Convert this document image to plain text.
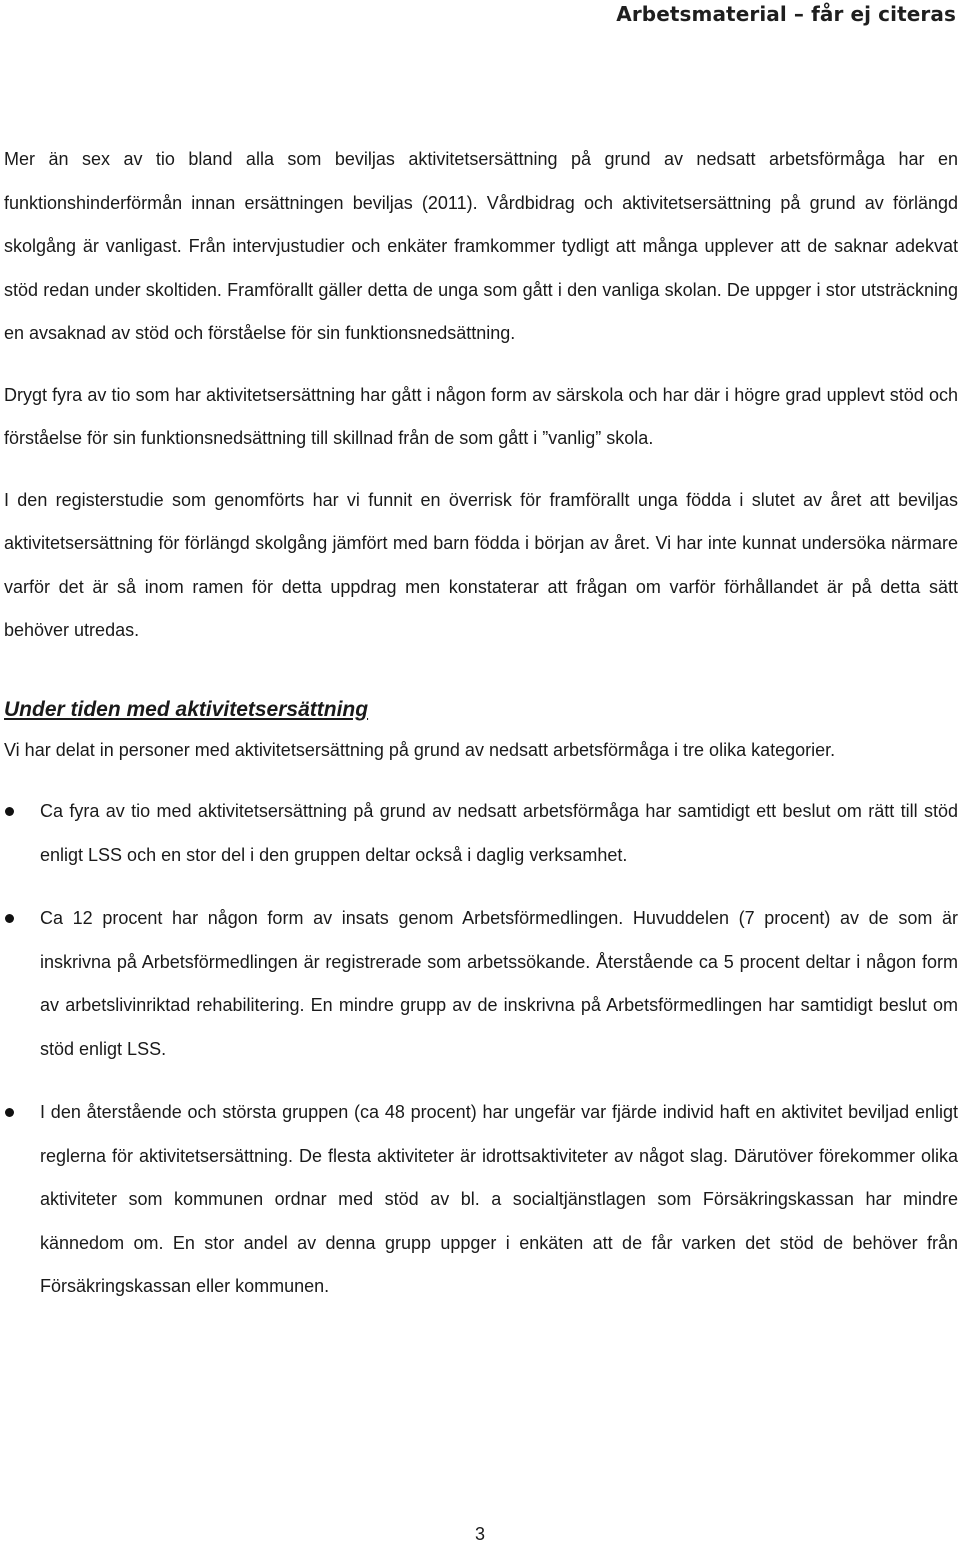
Arbetsmaterial – får ej citeras

Mer än sex av tio bland alla som beviljas aktivitetsersättning på grund av nedsatt arbetsförmåga har en funktionshinderförmån innan ersättningen beviljas (2011). Vårdbidrag och aktivitetsersättning på grund av förlängd skolgång är vanligast. Från intervjustudier och enkäter framkommer tydligt att många upplever att de saknar adekvat stöd redan under skoltiden. Framförallt gäller detta de unga som gått i den vanliga skolan. De uppger i stor utsträckning en avsaknad av stöd och förståelse för sin funktionsnedsättning.

Drygt fyra av tio som har aktivitetsersättning har gått i någon form av särskola och har där i högre grad upplevt stöd och förståelse för sin funktionsnedsättning till skillnad från de som gått i ”vanlig” skola.

I den registerstudie som genomförts har vi funnit en överrisk för framförallt unga födda i slutet av året att beviljas aktivitetsersättning för förlängd skolgång jämfört med barn födda i början av året. Vi har inte kunnat undersöka närmare varför det är så inom ramen för detta uppdrag men konstaterar att frågan om varför förhållandet är på detta sätt behöver utredas.

Under tiden med aktivitetsersättning

Vi har delat in personer med aktivitetsersättning på grund av nedsatt arbetsförmåga i tre olika kategorier.

Ca fyra av tio med aktivitetsersättning på grund av nedsatt arbetsförmåga har samtidigt ett beslut om rätt till stöd enligt LSS och en stor del i den gruppen deltar också i daglig verksamhet.
Ca 12 procent har någon form av insats genom Arbetsförmedlingen. Huvuddelen (7 procent) av de som är inskrivna på Arbetsförmedlingen är registrerade som arbetssökande. Återstående ca 5 procent deltar i någon form av arbetslivinriktad rehabilitering. En mindre grupp av de inskrivna på Arbetsförmedlingen har samtidigt beslut om stöd enligt LSS.
I den återstående och största gruppen (ca 48 procent) har ungefär var fjärde individ haft en aktivitet beviljad enligt reglerna för aktivitetsersättning. De flesta aktiviteter är idrottsaktiviteter av något slag. Därutöver förekommer olika aktiviteter som kommunen ordnar med stöd av bl. a socialtjänstlagen som Försäkringskassan har mindre kännedom om. En stor andel av denna grupp uppger i enkäten att de får varken det stöd de behöver från Försäkringskassan eller kommunen.
3
